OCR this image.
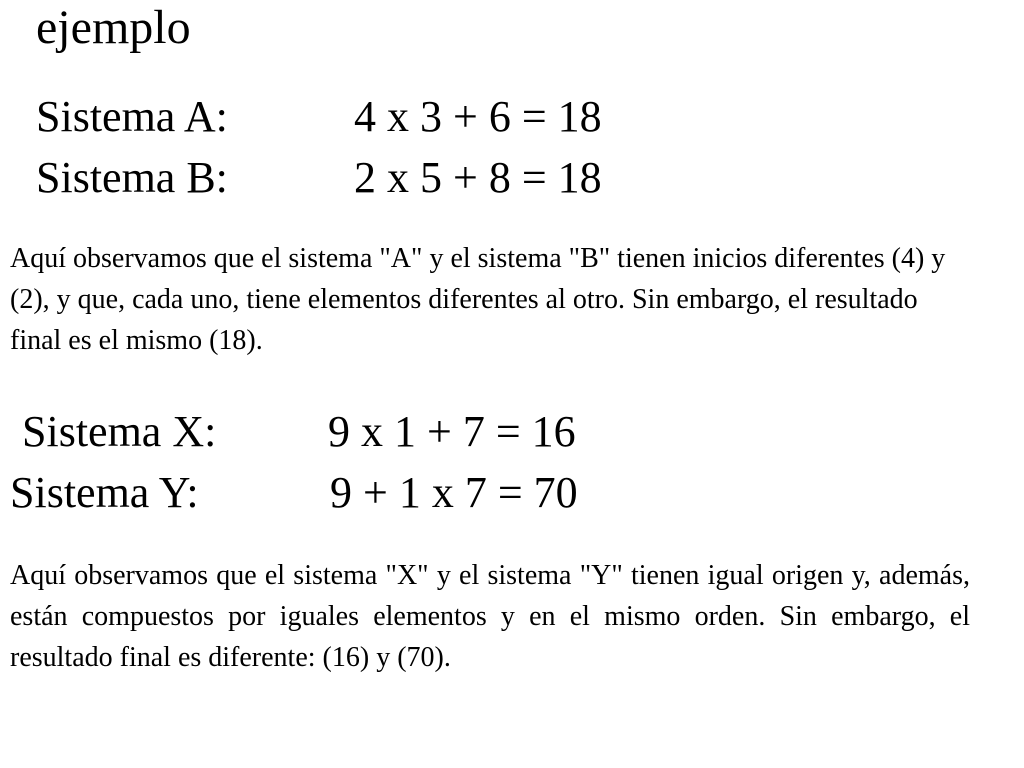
ejemplo
Sistema A:	4 x 3 + 6 = 18
Sistema B:	2 x 5 + 8 = 18

Aquí observamos que el sistema "A" y el sistema "B" tienen inicios diferentes (4) y (2), y que, cada uno, tiene elementos diferentes al otro. Sin embargo, el resultado final es el mismo (18).

Sistema X:	9 x 1 + 7 = 16
Sistema Y:	9 + 1 x 7 = 70

Aquí observamos que el sistema "X" y el sistema "Y" tienen igual origen y, además, están compuestos por iguales elementos y en el mismo orden. Sin embargo, el resultado final es diferente: (16) y (70).
